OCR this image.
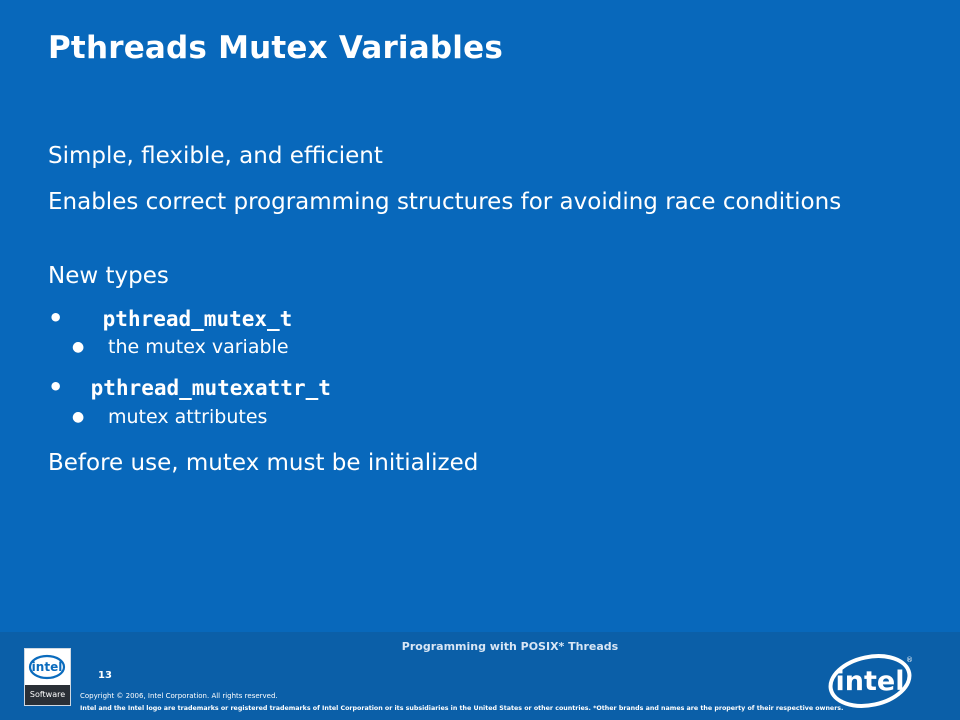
Pthreads Mutex Variables
Simple, flexible, and efficient
Enables correct programming structures for avoiding race conditions
New types
• pthread_mutex_t
● the mutex variable
• pthread_mutexattr_t
● mutex attributes
Before use, mutex must be initialized
Programming with POSIX* Threads
intel
Software
13
Copyright © 2006, Intel Corporation. All rights reserved.
Intel and the Intel logo are trademarks or registered trademarks of Intel Corporation or its subsidiaries in the United States or other countries. *Other brands and names are the property of their respective owners.
intel
®
